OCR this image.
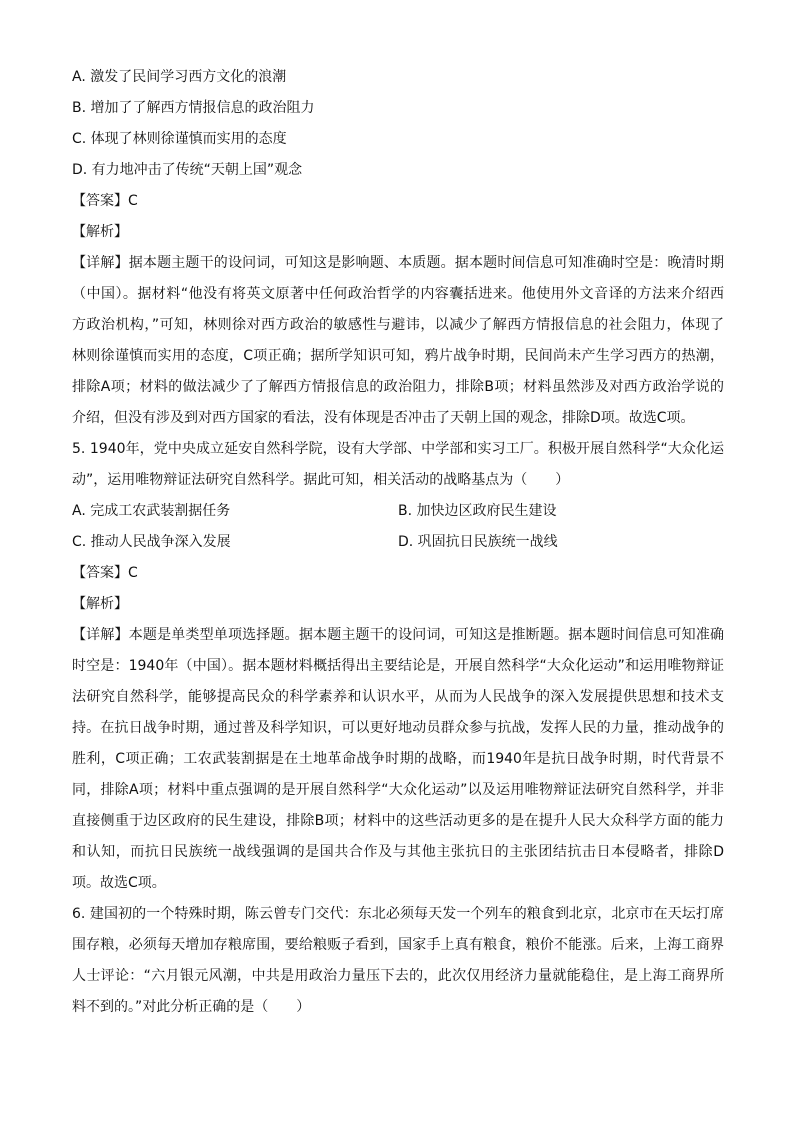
A. 激发了民间学习西方文化的浪潮
B. 增加了了解西方情报信息的政治阻力
C. 体现了林则徐谨慎而实用的态度
D. 有力地冲击了传统“天朝上国”观念
【答案】C
【解析】
【详解】据本题主题干的设问词，可知这是影响题、本质题。据本题时间信息可知准确时空是：晚清时期
（中国）。据材料“他没有将英文原著中任何政治哲学的内容囊括进来。他使用外文音译的方法来介绍西
方政治机构，”可知，林则徐对西方政治的敏感性与避讳，以减少了解西方情报信息的社会阻力，体现了
林则徐谨慎而实用的态度，C项正确；据所学知识可知，鸦片战争时期，民间尚未产生学习西方的热潮，
排除A项；材料的做法减少了了解西方情报信息的政治阻力，排除B项；材料虽然涉及对西方政治学说的
介绍，但没有涉及到对西方国家的看法，没有体现是否冲击了天朝上国的观念，排除D项。故选C项。
5. 1940年，党中央成立延安自然科学院，设有大学部、中学部和实习工厂。积极开展自然科学“大众化运
动”，运用唯物辩证法研究自然科学。据此可知，相关活动的战略基点为（　　）
A. 完成工农武装割据任务	B. 加快边区政府民生建设
C. 推动人民战争深入发展	D. 巩固抗日民族统一战线
【答案】C
【解析】
【详解】本题是单类型单项选择题。据本题主题干的设问词，可知这是推断题。据本题时间信息可知准确
时空是：1940年（中国）。据本题材料概括得出主要结论是，开展自然科学“大众化运动”和运用唯物辩证
法研究自然科学，能够提高民众的科学素养和认识水平，从而为人民战争的深入发展提供思想和技术支
持。在抗日战争时期，通过普及科学知识，可以更好地动员群众参与抗战，发挥人民的力量，推动战争的
胜利，C项正确；工农武装割据是在土地革命战争时期的战略，而1940年是抗日战争时期，时代背景不
同，排除A项；材料中重点强调的是开展自然科学“大众化运动”以及运用唯物辩证法研究自然科学，并非
直接侧重于边区政府的民生建设，排除B项；材料中的这些活动更多的是在提升人民大众科学方面的能力
和认知，而抗日民族统一战线强调的是国共合作及与其他主张抗日的主张团结抗击日本侵略者，排除D
项。故选C项。
6. 建国初的一个特殊时期，陈云曾专门交代：东北必须每天发一个列车的粮食到北京，北京市在天坛打席
围存粮，必须每天增加存粮席围，要给粮贩子看到，国家手上真有粮食，粮价不能涨。后来，上海工商界
人士评论：“六月银元风潮，中共是用政治力量压下去的，此次仅用经济力量就能稳住，是上海工商界所
料不到的。”对此分析正确的是（　　）
